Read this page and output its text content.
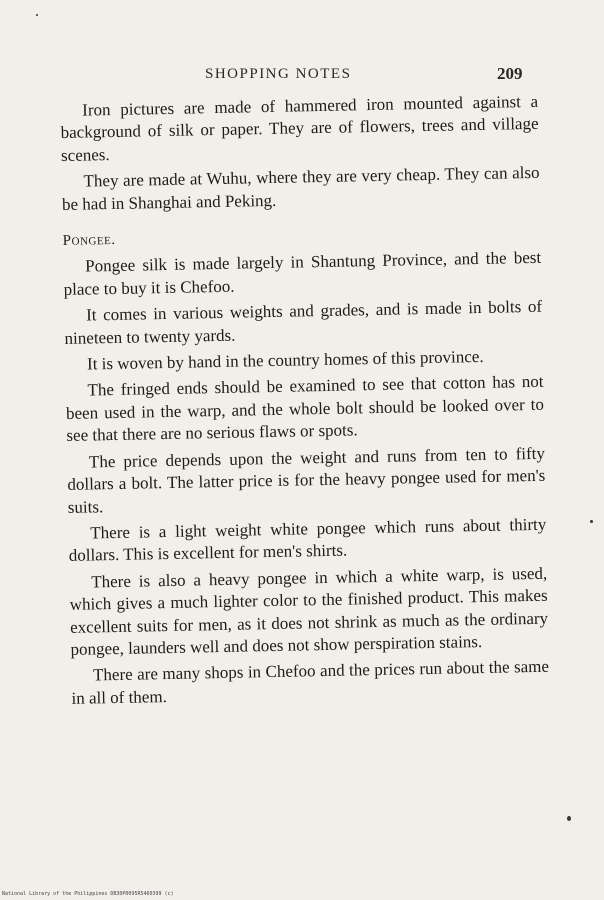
SHOPPING NOTES	209

Iron pictures are made of hammered iron mounted against a background of silk or paper. They are of flowers, trees and village scenes.

They are made at Wuhu, where they are very cheap. They can also be had in Shanghai and Peking.

Pongee.

Pongee silk is made largely in Shantung Province, and the best place to buy it is Chefoo.

It comes in various weights and grades, and is made in bolts of nineteen to twenty yards.

It is woven by hand in the country homes of this province.

The fringed ends should be examined to see that cotton has not been used in the warp, and the whole bolt should be looked over to see that there are no serious flaws or spots.

The price depends upon the weight and runs from ten to fifty dollars a bolt. The latter price is for the heavy pongee used for men's suits.

There is a light weight white pongee which runs about thirty dollars. This is excellent for men's shirts.

There is also a heavy pongee in which a white warp, is used, which gives a much lighter color to the finished product. This makes excellent suits for men, as it does not shrink as much as the ordinary pongee, launders well and does not show perspiration stains.

There are many shops in Chefoo and the prices run about the same in all of them.

National Library of the Philippines DB30P0095R5460399 (c)
